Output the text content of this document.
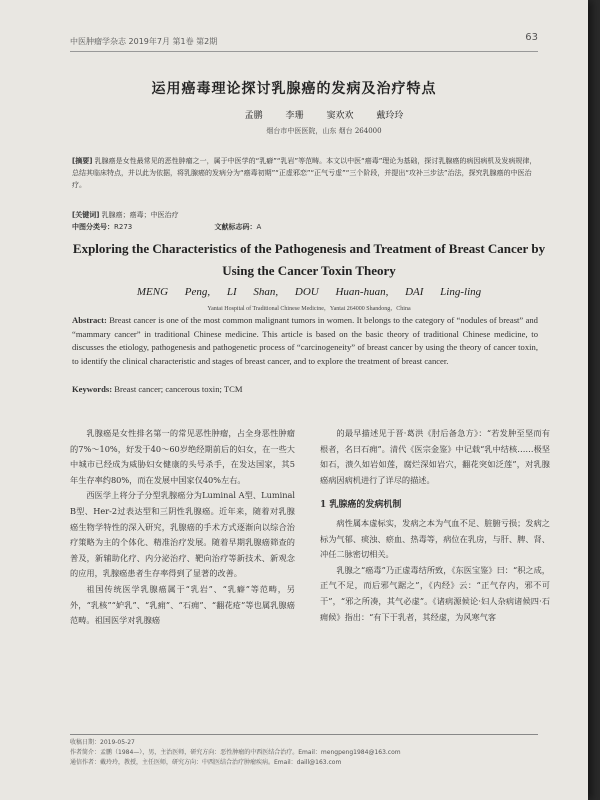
中医肿瘤学杂志 2019年7月 第1卷 第2期	63
运用癌毒理论探讨乳腺癌的发病及治疗特点
孟鹏	李珊	窦欢欢	戴玲玲
烟台市中医医院，山东 烟台 264000
[摘要] 乳腺癌是女性最常见的恶性肿瘤之一，属于中医学的“乳癖”“乳岩”等范畴。本文以中医“癌毒”理论为基础，探讨乳腺癌的病因病机及发病规律，总结其临床特点，并以此为依据，将乳腺癌的发病分为“癌毒初期”“正虚邪恋”“正气亏虚”“三个阶段，并提出“攻补三步法”治法，探究乳腺癌的中医治疗。
[关键词] 乳腺癌；癌毒；中医治疗
中图分类号：R273	文献标志码：A
Exploring the Characteristics of the Pathogenesis and Treatment of Breast Cancer by Using the Cancer Toxin Theory
MENG Peng, LI Shan, DOU Huan-huan, DAI Ling-ling
Yantai Hospital of Traditional Chinese Medicine，Yantai 264000 Shandong，China
Abstract: Breast cancer is one of the most common malignant tumors in women. It belongs to the category of “nodules of breast” and “mammary cancer” in traditional Chinese medicine. This article is based on the basic theory of traditional Chinese medicine, to discusses the etiology, pathogenesis and pathogenetic process of “carcinogeneity” of breast cancer by using the theory of cancer toxin, to identify the clinical characteristic and stages of breast cancer, and to explore the treatment of breast cancer.
Keywords: Breast cancer; cancerous toxin; TCM

乳腺癌是女性排名第一的常见恶性肿瘤，占全身恶性肿瘤的7%～10%，好发于40～60岁绝经期前后的妇女，在一些大中城市已经成为威胁妇女健康的头号杀手，在发达国家，其5年生存率约80%，而在发展中国家仅40%左右。

西医学上将分子分型乳腺癌分为Luminal A型、Luminal B型、Her-2过表达型和三阴性乳腺癌。近年来，随着对乳腺癌生物学特性的深入研究，乳腺癌的手术方式逐渐向以综合治疗策略为主的个体化、精准治疗发展。随着早期乳腺癌筛查的普及，新辅助化疗、内分泌治疗、靶向治疗等新技术、新观念的应用，乳腺癌患者生存率得到了显著的改善。

祖国传统医学乳腺癌属于“乳岩”、“乳癖”等范畴，另外，“乳核”“妒乳”、“乳痈”、“石痈”、“翻花疮”等也属乳腺癌范畴。祖国医学对乳腺癌

的最早描述见于晋·葛洪《肘后备急方》：“若发肿至坚而有根者，名曰石痈”。清代《医宗金鉴》中记载“乳中结核……极坚如石，溃久如岩如莲，腐烂深如岩穴，翻花突如泛莲”，对乳腺癌病因病机进行了详尽的描述。

1 乳腺癌的发病机制

病性属本虚标实，发病之本为气血不足、脏腑亏损；发病之标为气郁、痰浊、瘀血、热毒等，病位在乳房，与肝、脾、肾、冲任二脉密切相关。

乳腺之“癌毒”乃正虚毒结所致，《东医宝鉴》曰：“积之成，正气不足，而后邪气踞之”，《内经》云：“正气存内，邪不可干”，“邪之所凑，其气必虚”。《诸病源候论·妇人杂病诸候四·石痈候》指出：“有下于乳者，其经虚，为风寒气客

收稿日期：2019-05-27
作者简介：孟鹏（1984—），男，主治医师，研究方向：恶性肿瘤的中西医结合治疗。Email：mengpeng1984@163.com
通信作者：戴玲玲，教授，主任医师，研究方向：中西医结合治疗肿瘤疾病。Email：daill@163.com
